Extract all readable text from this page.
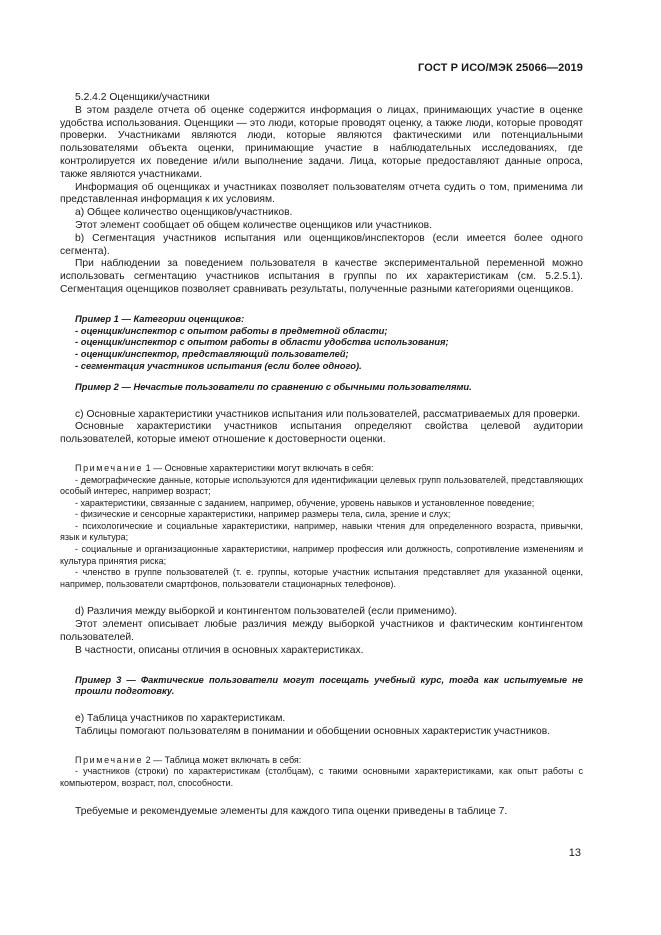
ГОСТ Р ИСО/МЭК 25066—2019

5.2.4.2 Оценщики/участники

В этом разделе отчета об оценке содержится информация о лицах, принимающих участие в оценке удобства использования. Оценщики — это люди, которые проводят оценку, а также люди, которые проводят проверки. Участниками являются люди, которые являются фактическими или потенциальными пользователями объекта оценки, принимающие участие в наблюдательных исследованиях, где контролируется их поведение и/или выполнение задачи. Лица, которые предоставляют данные опроса, также являются участниками.

Информация об оценщиках и участниках позволяет пользователям отчета судить о том, применима ли представленная информация к их условиям.

а) Общее количество оценщиков/участников.

Этот элемент сообщает об общем количестве оценщиков или участников.

b) Сегментация участников испытания или оценщиков/инспекторов (если имеется более одного сегмента).

При наблюдении за поведением пользователя в качестве экспериментальной переменной можно использовать сегментацию участников испытания в группы по их характеристикам (см. 5.2.5.1). Сегментация оценщиков позволяет сравнивать результаты, полученные разными категориями оценщиков.

Пример 1 — Категории оценщиков:

- оценщик/инспектор с опытом работы в предметной области;

- оценщик/инспектор с опытом работы в области удобства использования;

- оценщик/инспектор, представляющий пользователей;

- сегментация участников испытания (если более одного).

Пример 2 — Нечастые пользователи по сравнению с обычными пользователями.

с) Основные характеристики участников испытания или пользователей, рассматриваемых для проверки.

Основные характеристики участников испытания определяют свойства целевой аудитории пользователей, которые имеют отношение к достоверности оценки.

Примечание 1 — Основные характеристики могут включать в себя:

- демографические данные, которые используются для идентификации целевых групп пользователей, представляющих особый интерес, например возраст;

- характеристики, связанные с заданием, например, обучение, уровень навыков и установленное поведение;

- физические и сенсорные характеристики, например размеры тела, сила, зрение и слух;

- психологические и социальные характеристики, например, навыки чтения для определенного возраста, привычки, язык и культура;

- социальные и организационные характеристики, например профессия или должность, сопротивление изменениям и культура принятия риска;

- членство в группе пользователей (т. е. группы, которые участник испытания представляет для указанной оценки, например, пользователи смартфонов, пользователи стационарных телефонов).

d) Различия между выборкой и контингентом пользователей (если применимо).

Этот элемент описывает любые различия между выборкой участников и фактическим контингентом пользователей.

В частности, описаны отличия в основных характеристиках.

Пример 3 — Фактические пользователи могут посещать учебный курс, тогда как испытуемые не прошли подготовку.

е) Таблица участников по характеристикам.

Таблицы помогают пользователям в понимании и обобщении основных характеристик участников.

Примечание 2 — Таблица может включать в себя:

- участников (строки) по характеристикам (столбцам), с такими основными характеристиками, как опыт работы с компьютером, возраст, пол, способности.

Требуемые и рекомендуемые элементы для каждого типа оценки приведены в таблице 7.

13
